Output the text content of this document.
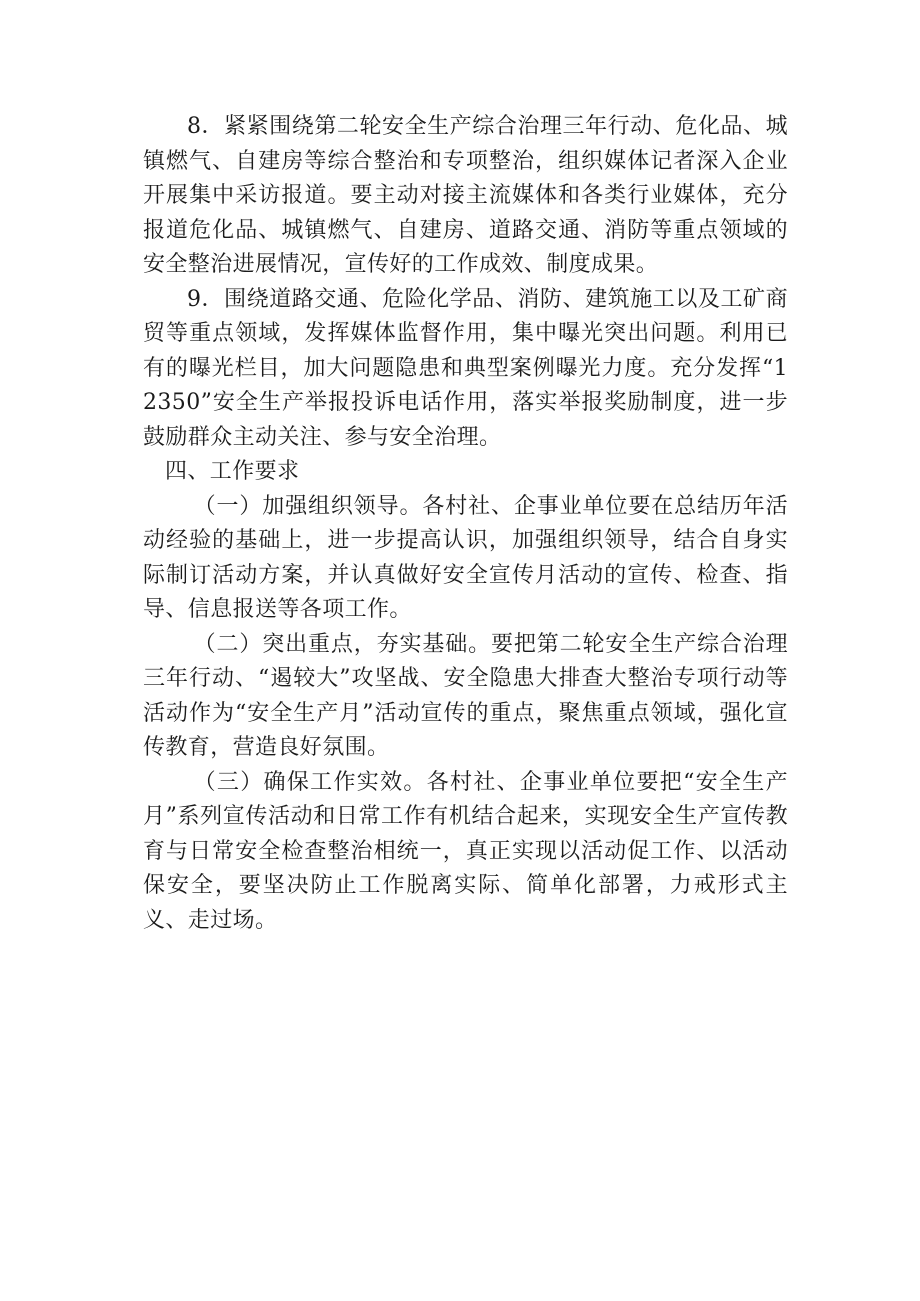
8．紧紧围绕第二轮安全生产综合治理三年行动、危化品、城镇燃气、自建房等综合整治和专项整治，组织媒体记者深入企业开展集中采访报道。要主动对接主流媒体和各类行业媒体，充分报道危化品、城镇燃气、自建房、道路交通、消防等重点领域的安全整治进展情况，宣传好的工作成效、制度成果。

9．围绕道路交通、危险化学品、消防、建筑施工以及工矿商贸等重点领域，发挥媒体监督作用，集中曝光突出问题。利用已有的曝光栏目，加大问题隐患和典型案例曝光力度。充分发挥“12350”安全生产举报投诉电话作用，落实举报奖励制度，进一步鼓励群众主动关注、参与安全治理。

四、工作要求

（一）加强组织领导。各村社、企事业单位要在总结历年活动经验的基础上，进一步提高认识，加强组织领导，结合自身实际制订活动方案，并认真做好安全宣传月活动的宣传、检查、指导、信息报送等各项工作。

（二）突出重点，夯实基础。要把第二轮安全生产综合治理三年行动、“遏较大”攻坚战、安全隐患大排查大整治专项行动等活动作为“安全生产月”活动宣传的重点，聚焦重点领域，强化宣传教育，营造良好氛围。

（三）确保工作实效。各村社、企事业单位要把“安全生产月”系列宣传活动和日常工作有机结合起来，实现安全生产宣传教育与日常安全检查整治相统一，真正实现以活动促工作、以活动保安全，要坚决防止工作脱离实际、简单化部署，力戒形式主义、走过场。
